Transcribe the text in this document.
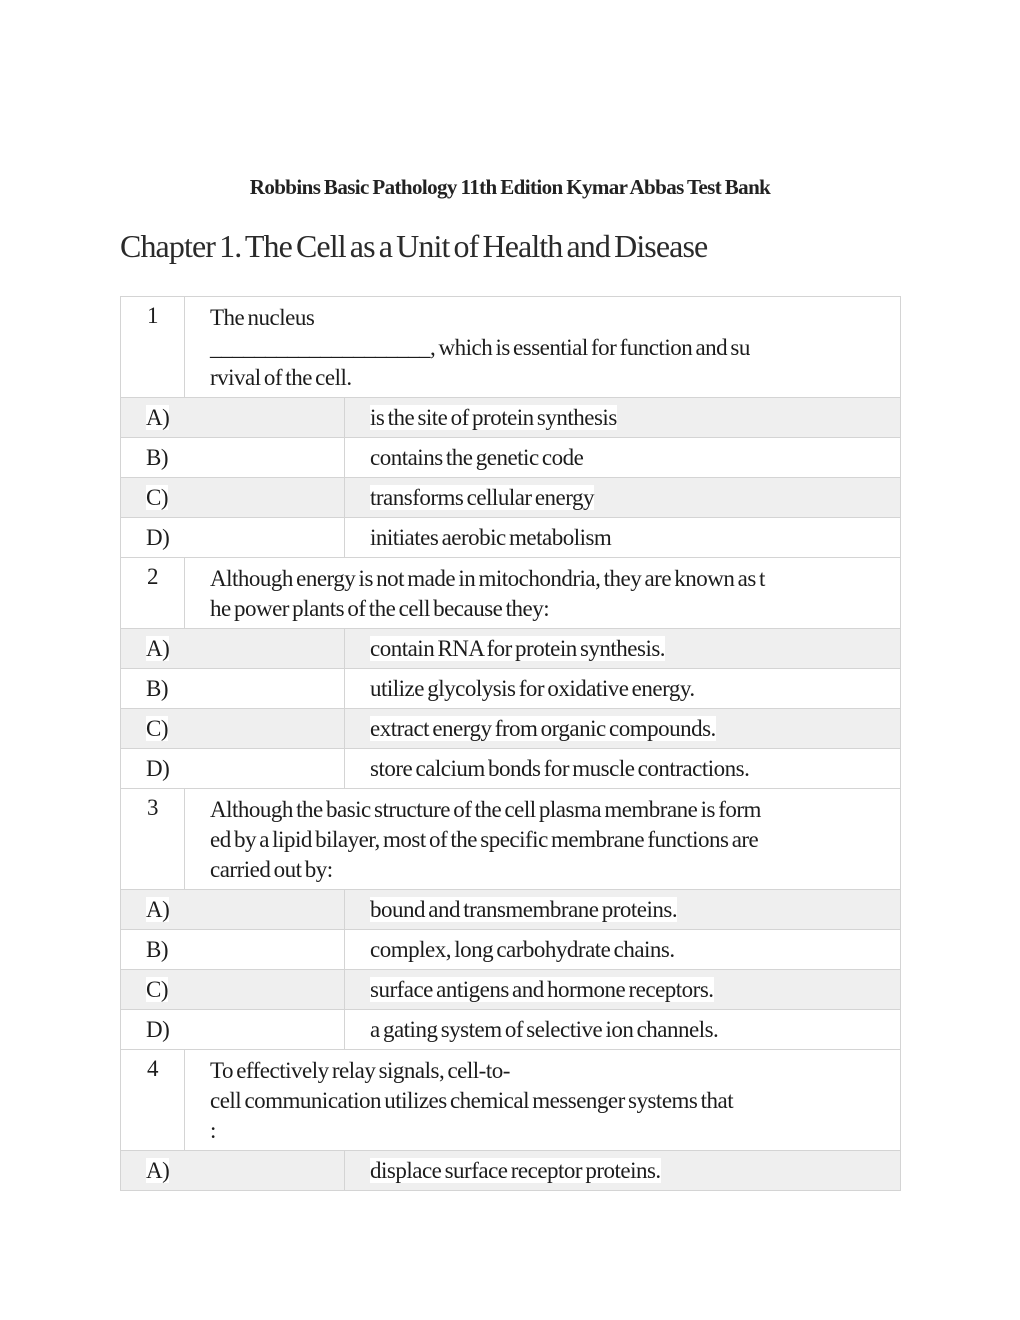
Robbins Basic Pathology 11th Edition Kymar Abbas Test Bank
Chapter 1. The Cell as a Unit of Health and Disease
1	The nucleus
____________________, which is essential for function and su
rvival of the cell.	

A)		is the site of protein synthesis
B)		contains the genetic code
C)		transforms cellular energy
D)		initiates aerobic metabolism
2	Although energy is not made in mitochondria, they are known as t
he power plants of the cell because they:	

A)		contain RNA for protein synthesis.
B)		utilize glycolysis for oxidative energy.
C)		extract energy from organic compounds.
D)		store calcium bonds for muscle contractions.
3	Although the basic structure of the cell plasma membrane is form
ed by a lipid bilayer, most of the specific membrane functions are
carried out by:	

A)		bound and transmembrane proteins.
B)		complex, long carbohydrate chains.
C)		surface antigens and hormone receptors.
D)		a gating system of selective ion channels.
4	To effectively relay signals, cell-to-
cell communication utilizes chemical messenger systems that
:	

A)		displace surface receptor proteins.
